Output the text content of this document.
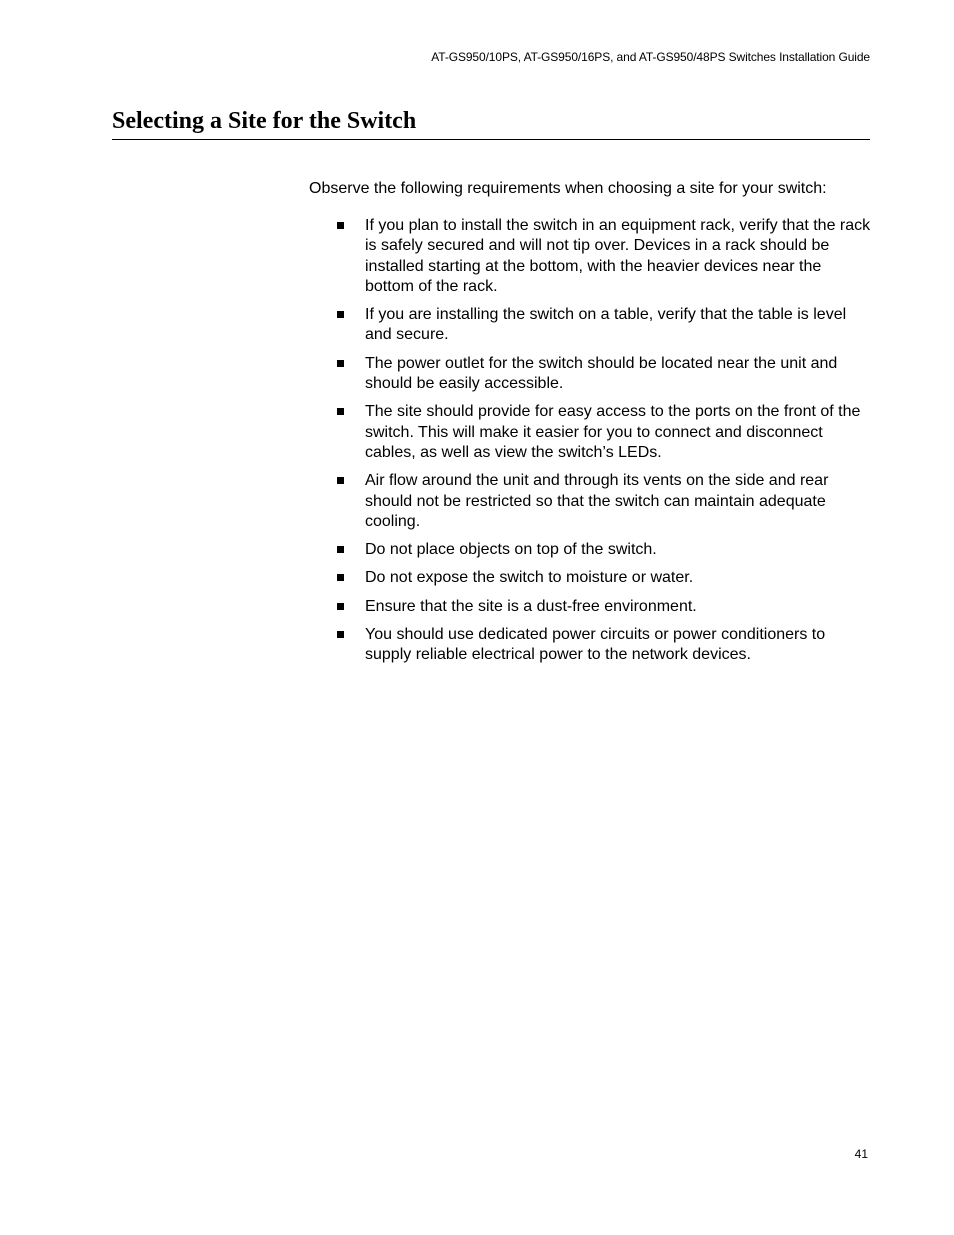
AT-GS950/10PS, AT-GS950/16PS, and AT-GS950/48PS Switches Installation Guide
Selecting a Site for the Switch

Observe the following requirements when choosing a site for your switch:

If you plan to install the switch in an equipment rack, verify that the rack is safely secured and will not tip over. Devices in a rack should be installed starting at the bottom, with the heavier devices near the bottom of the rack.
If you are installing the switch on a table, verify that the table is level and secure.
The power outlet for the switch should be located near the unit and should be easily accessible.
The site should provide for easy access to the ports on the front of the switch. This will make it easier for you to connect and disconnect cables, as well as view the switch’s LEDs.
Air flow around the unit and through its vents on the side and rear should not be restricted so that the switch can maintain adequate cooling.
Do not place objects on top of the switch.
Do not expose the switch to moisture or water.
Ensure that the site is a dust-free environment.
You should use dedicated power circuits or power conditioners to supply reliable electrical power to the network devices.
41
